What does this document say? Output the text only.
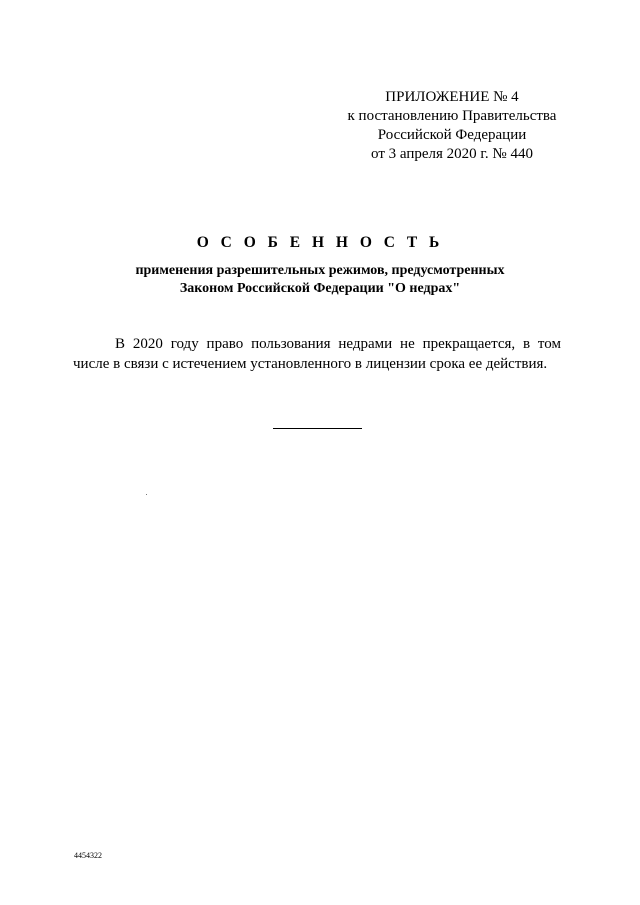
ПРИЛОЖЕНИЕ № 4
к постановлению Правительства
Российской Федерации
от 3 апреля 2020 г. № 440
О С О Б Е Н Н О С Т Ь
применения разрешительных режимов, предусмотренных
Законом Российской Федерации "О недрах"
В 2020 году право пользования недрами не прекращается, в том
числе в связи с истечением установленного в лицензии срока ее действия.
4454322
